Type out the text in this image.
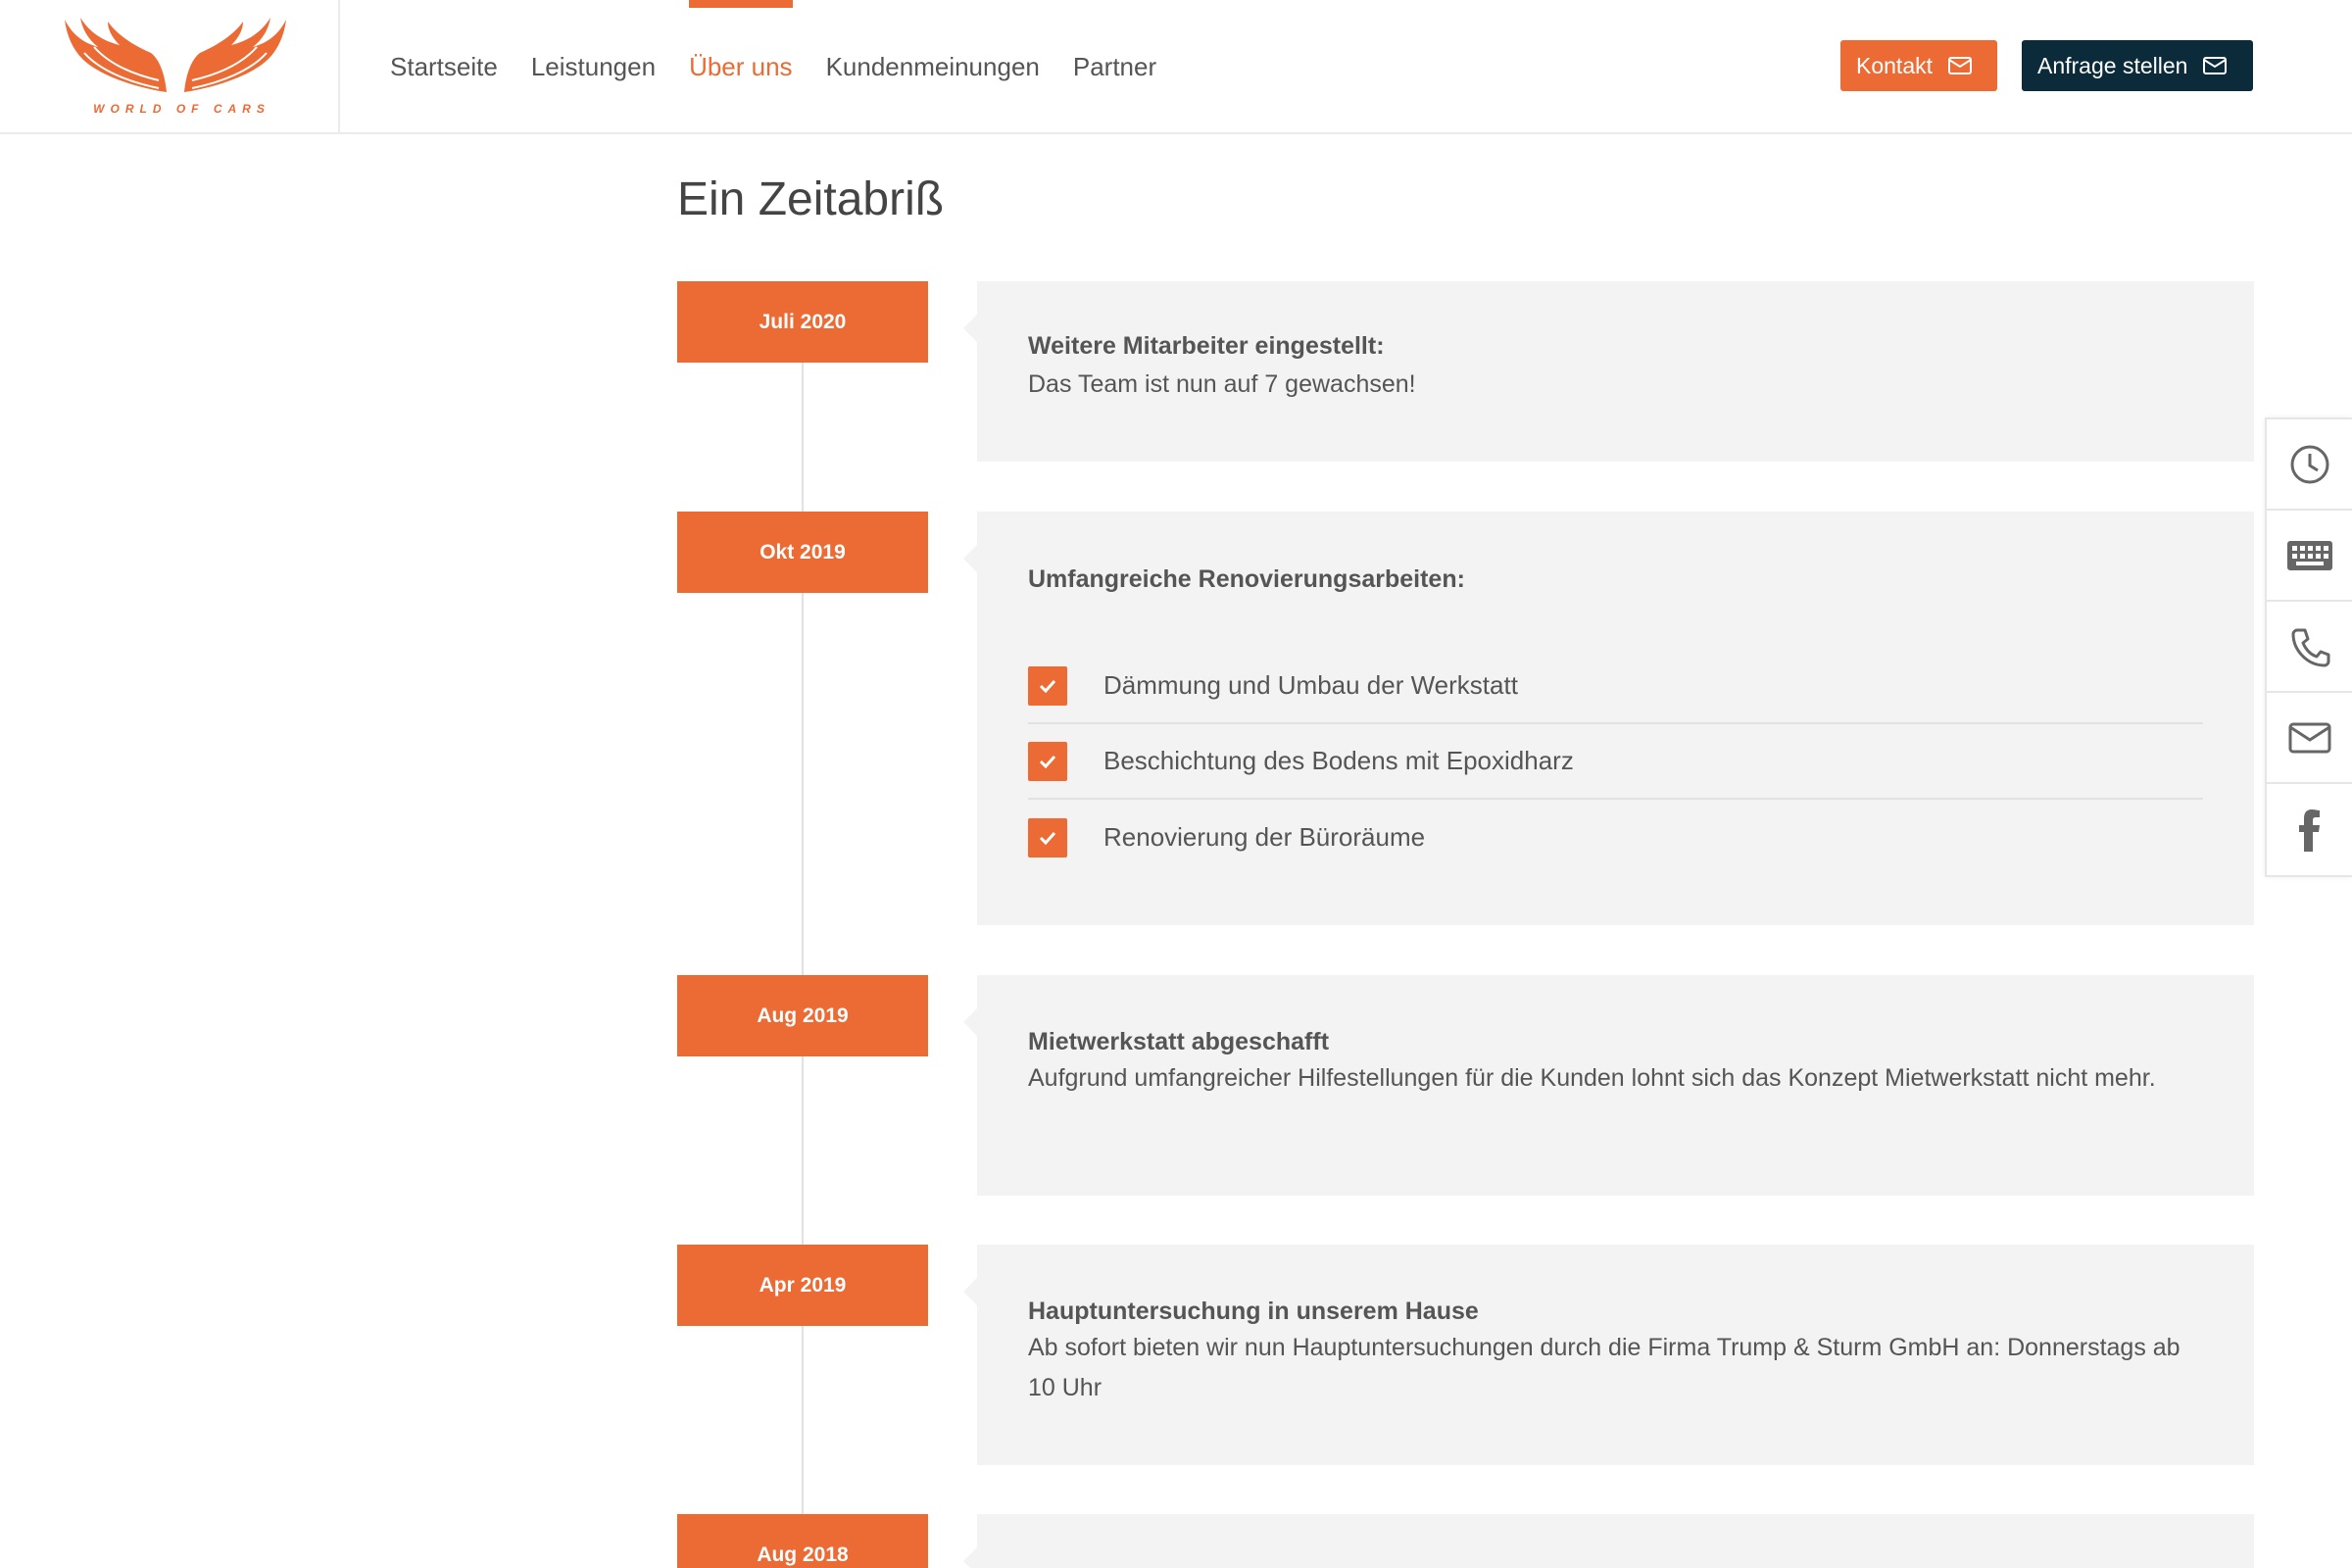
WORLD OF CARS
Startseite Leistungen Über uns Kundenmeinungen Partner	Kontakt	Anfrage stellen
Ein Zeitabriß
Juli 2020
Weitere Mitarbeiter eingestellt:
Das Team ist nun auf 7 gewachsen!
Okt 2019
Umfangreiche Renovierungsarbeiten:
Dämmung und Umbau der Werkstatt
Beschichtung des Bodens mit Epoxidharz
Renovierung der Büroräume
Aug 2019
Mietwerkstatt abgeschafft
Aufgrund umfangreicher Hilfestellungen für die Kunden lohnt sich das Konzept Mietwerkstatt nicht mehr.
Apr 2019
Hauptuntersuchung in unserem Hause
Ab sofort bieten wir nun Hauptuntersuchungen durch die Firma Trump & Sturm GmbH an: Donnerstags ab 10 Uhr
Aug 2018
